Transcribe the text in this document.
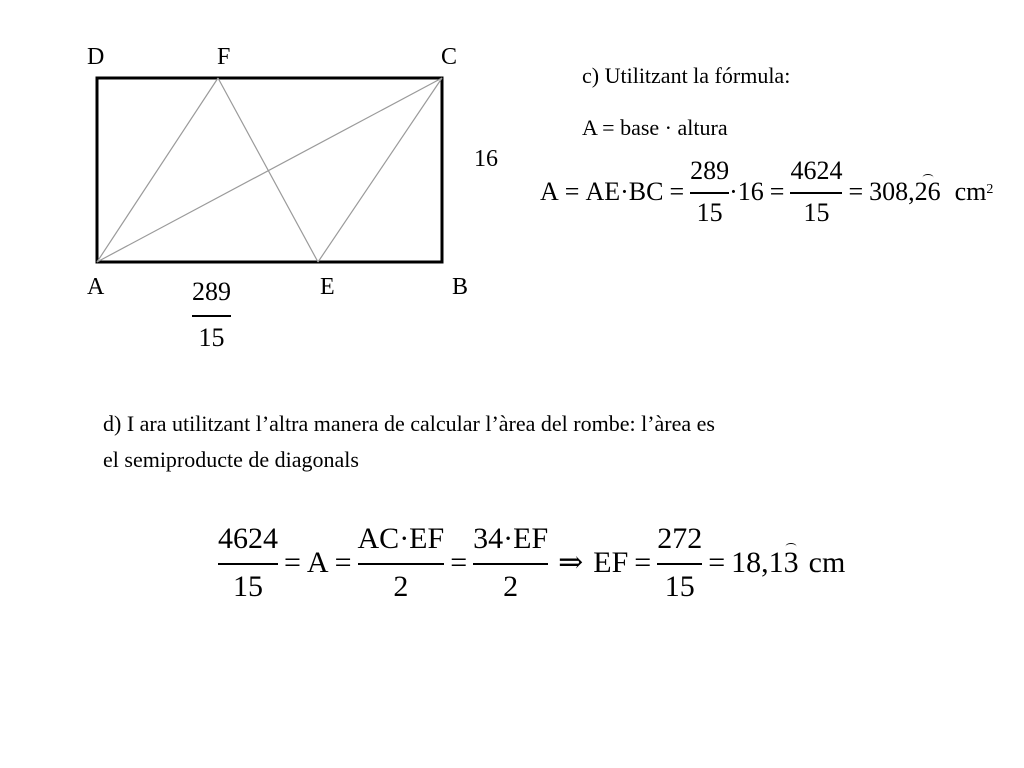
D	F	C
A	E	B
16
289
15
c) Utilitzant la fórmula:
A = base · altura
A = AE·BC =
289
15
·16 =
4624
15
= 308, 26 cm 2
d) I ara utilitzant l’altra manera de calcular l’àrea del rombe: l’àrea es
el semiproducte de diagonals
4624
15
= A =
AC·EF
2
=
34·EF
2
⇒ EF =
272
15
= 18,1 3 cm
